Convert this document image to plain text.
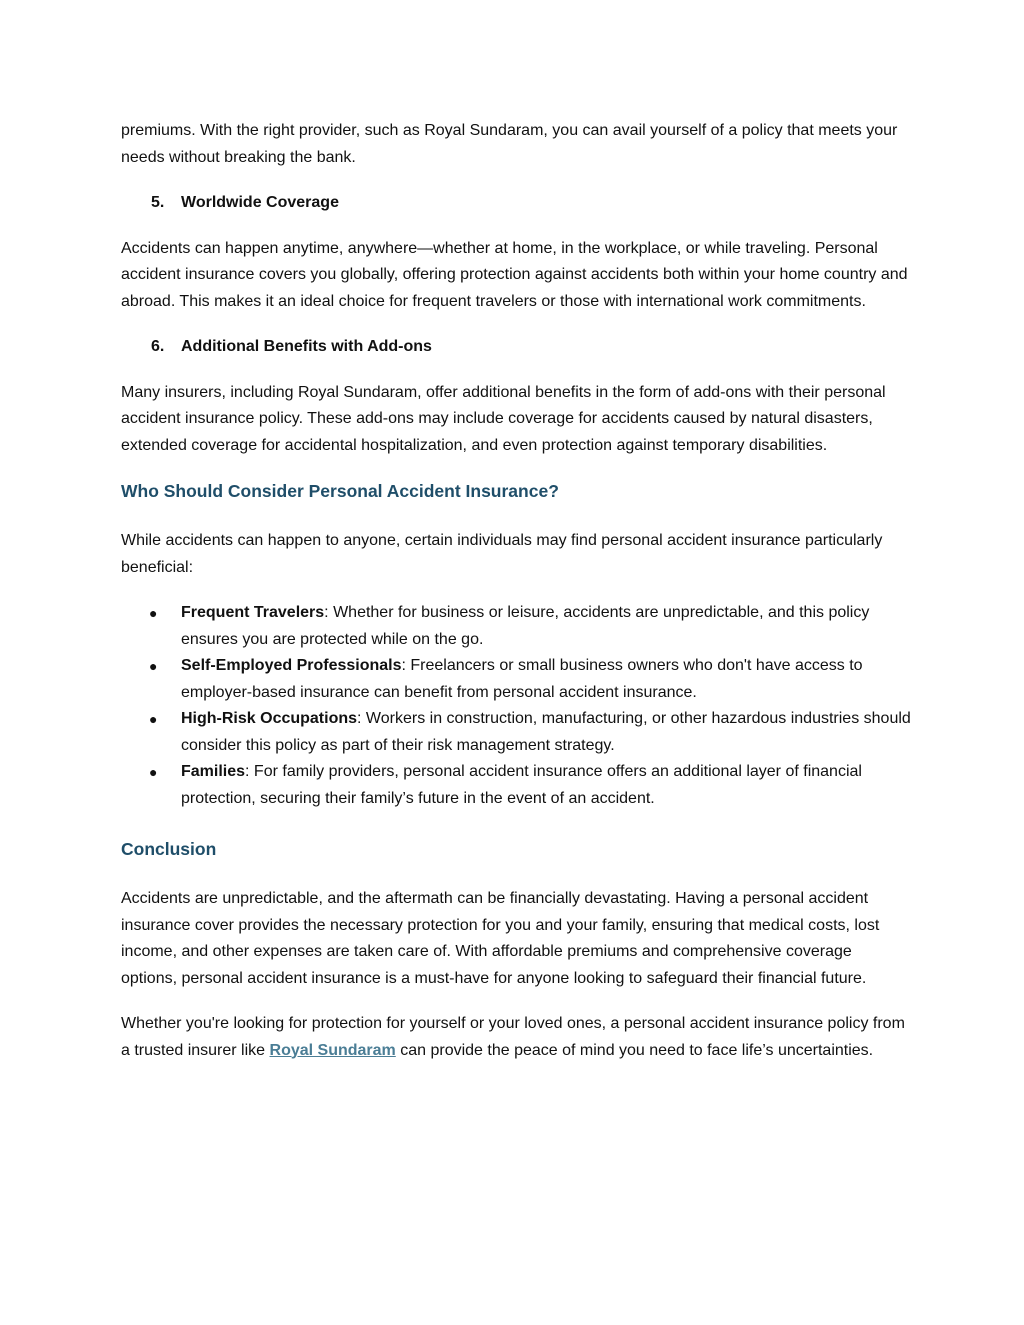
premiums. With the right provider, such as Royal Sundaram, you can avail yourself of a policy that meets your needs without breaking the bank.

5.	Worldwide Coverage

Accidents can happen anytime, anywhere—whether at home, in the workplace, or while traveling. Personal accident insurance covers you globally, offering protection against accidents both within your home country and abroad. This makes it an ideal choice for frequent travelers or those with international work commitments.

6.	Additional Benefits with Add-ons

Many insurers, including Royal Sundaram, offer additional benefits in the form of add-ons with their personal accident insurance policy. These add-ons may include coverage for accidents caused by natural disasters, extended coverage for accidental hospitalization, and even protection against temporary disabilities.

Who Should Consider Personal Accident Insurance?

While accidents can happen to anyone, certain individuals may find personal accident insurance particularly beneficial:

●	Frequent Travelers: Whether for business or leisure, accidents are unpredictable, and this policy ensures you are protected while on the go.
●	Self-Employed Professionals: Freelancers or small business owners who don't have access to employer-based insurance can benefit from personal accident insurance.
●	High-Risk Occupations: Workers in construction, manufacturing, or other hazardous industries should consider this policy as part of their risk management strategy.
●	Families: For family providers, personal accident insurance offers an additional layer of financial protection, securing their family’s future in the event of an accident.
Conclusion

Accidents are unpredictable, and the aftermath can be financially devastating. Having a personal accident insurance cover provides the necessary protection for you and your family, ensuring that medical costs, lost income, and other expenses are taken care of. With affordable premiums and comprehensive coverage options, personal accident insurance is a must-have for anyone looking to safeguard their financial future.

Whether you're looking for protection for yourself or your loved ones, a personal accident insurance policy from a trusted insurer like Royal Sundaram can provide the peace of mind you need to face life’s uncertainties.
